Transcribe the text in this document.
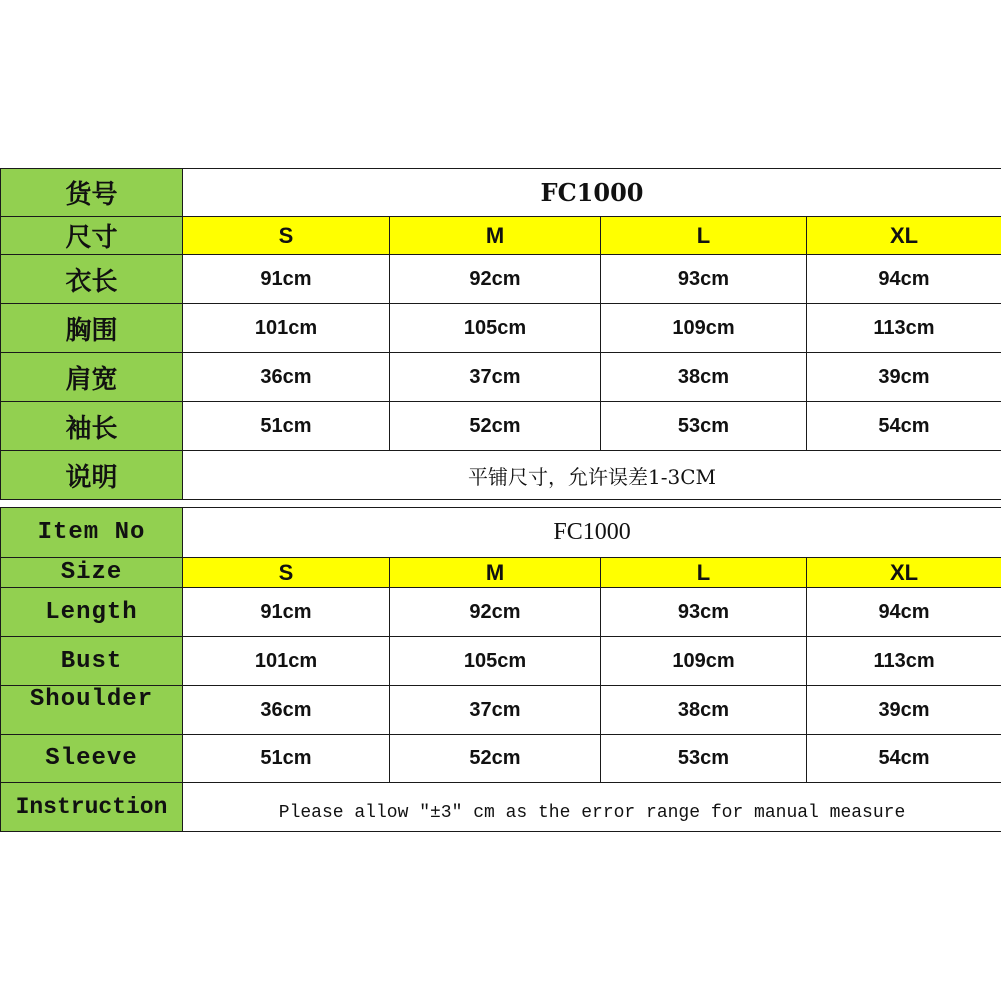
货号	FC1000			
尺寸	S	M	L	XL
衣长	91cm	92cm	93cm	94cm
胸围	101cm	105cm	109cm	113cm
肩宽	36cm	37cm	38cm	39cm
袖长	51cm	52cm	53cm	54cm
说明	平铺尺寸，允许误差1-3CM			
Item No	FC1000			
Size	S	M	L	XL
Length	91cm	92cm	93cm	94cm
Bust	101cm	105cm	109cm	113cm
Shoulder	36cm	37cm	38cm	39cm
Sleeve	51cm	52cm	53cm	54cm
Instruction	Please allow "±3" cm as the error range for manual measure			
